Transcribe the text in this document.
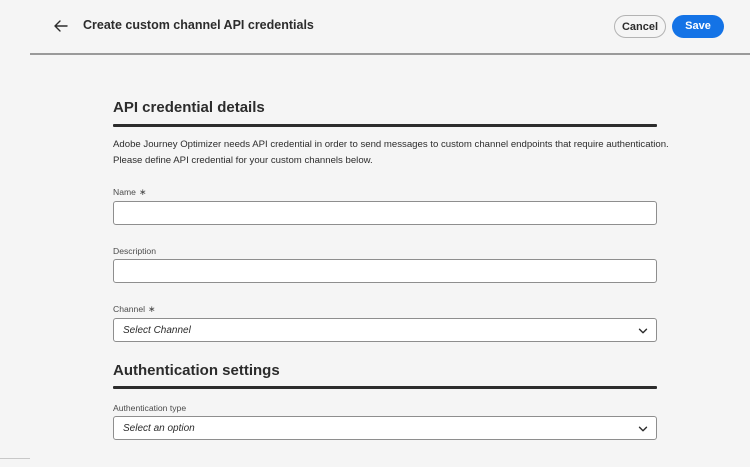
Create custom channel API credentials	Cancel	Save
API credential details
Adobe Journey Optimizer needs API credential in order to send messages to custom channel endpoints that require authentication.
Please define API credential for your custom channels below.
Name ∗
Description
Channel ∗
Select Channel
Authentication settings
Authentication type
Select an option
